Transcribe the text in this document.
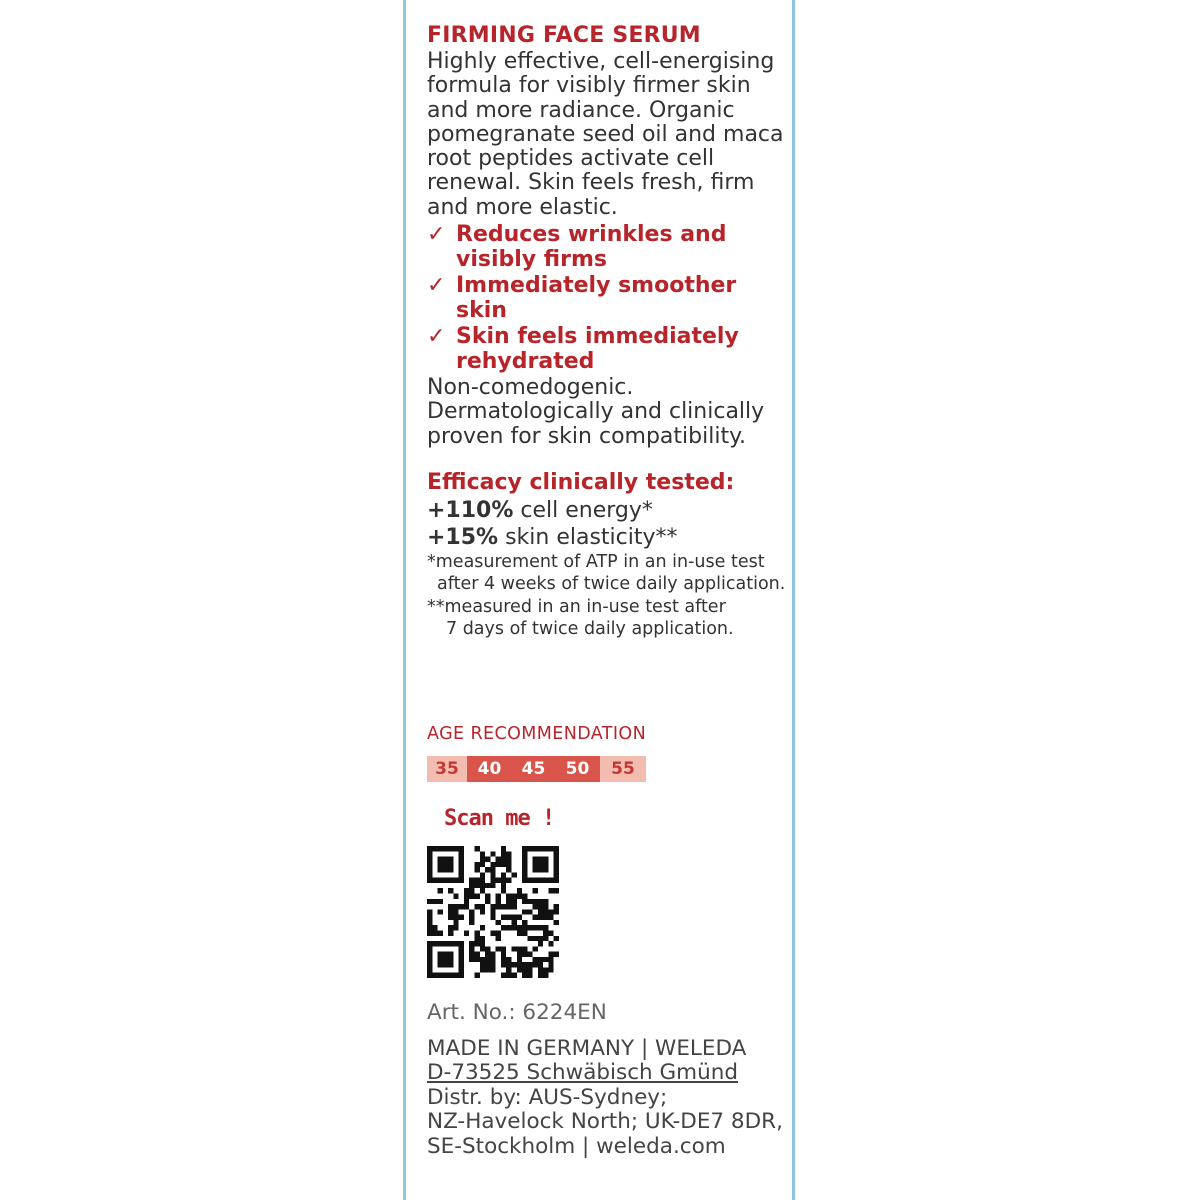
FIRMING FACE SERUM

Highly effective, cell-energising formula for visibly firmer skin and more radiance. Organic pomegranate seed oil and maca root peptides activate cell renewal. Skin feels fresh, firm and more elastic.

✓ Reduces wrinkles and visibly firms
✓ Immediately smoother skin
✓ Skin feels immediately rehydrated

Non-comedogenic. Dermatologically and clinically proven for skin compatibility.

Efficacy clinically tested:

+110% cell energy*

+15% skin elasticity**

*measurement of ATP in an in-use test

after 4 weeks of twice daily application.

**measured in an in-use test after

7 days of twice daily application.

AGE RECOMMENDATION
35	40	45	50	55
Scan me !
Art. No.: 6224EN

MADE IN GERMANY | WELEDA

D-73525 Schwäbisch Gmünd

Distr. by: AUS-Sydney;

NZ-Havelock North; UK-DE7 8DR,

SE-Stockholm | weleda.com
